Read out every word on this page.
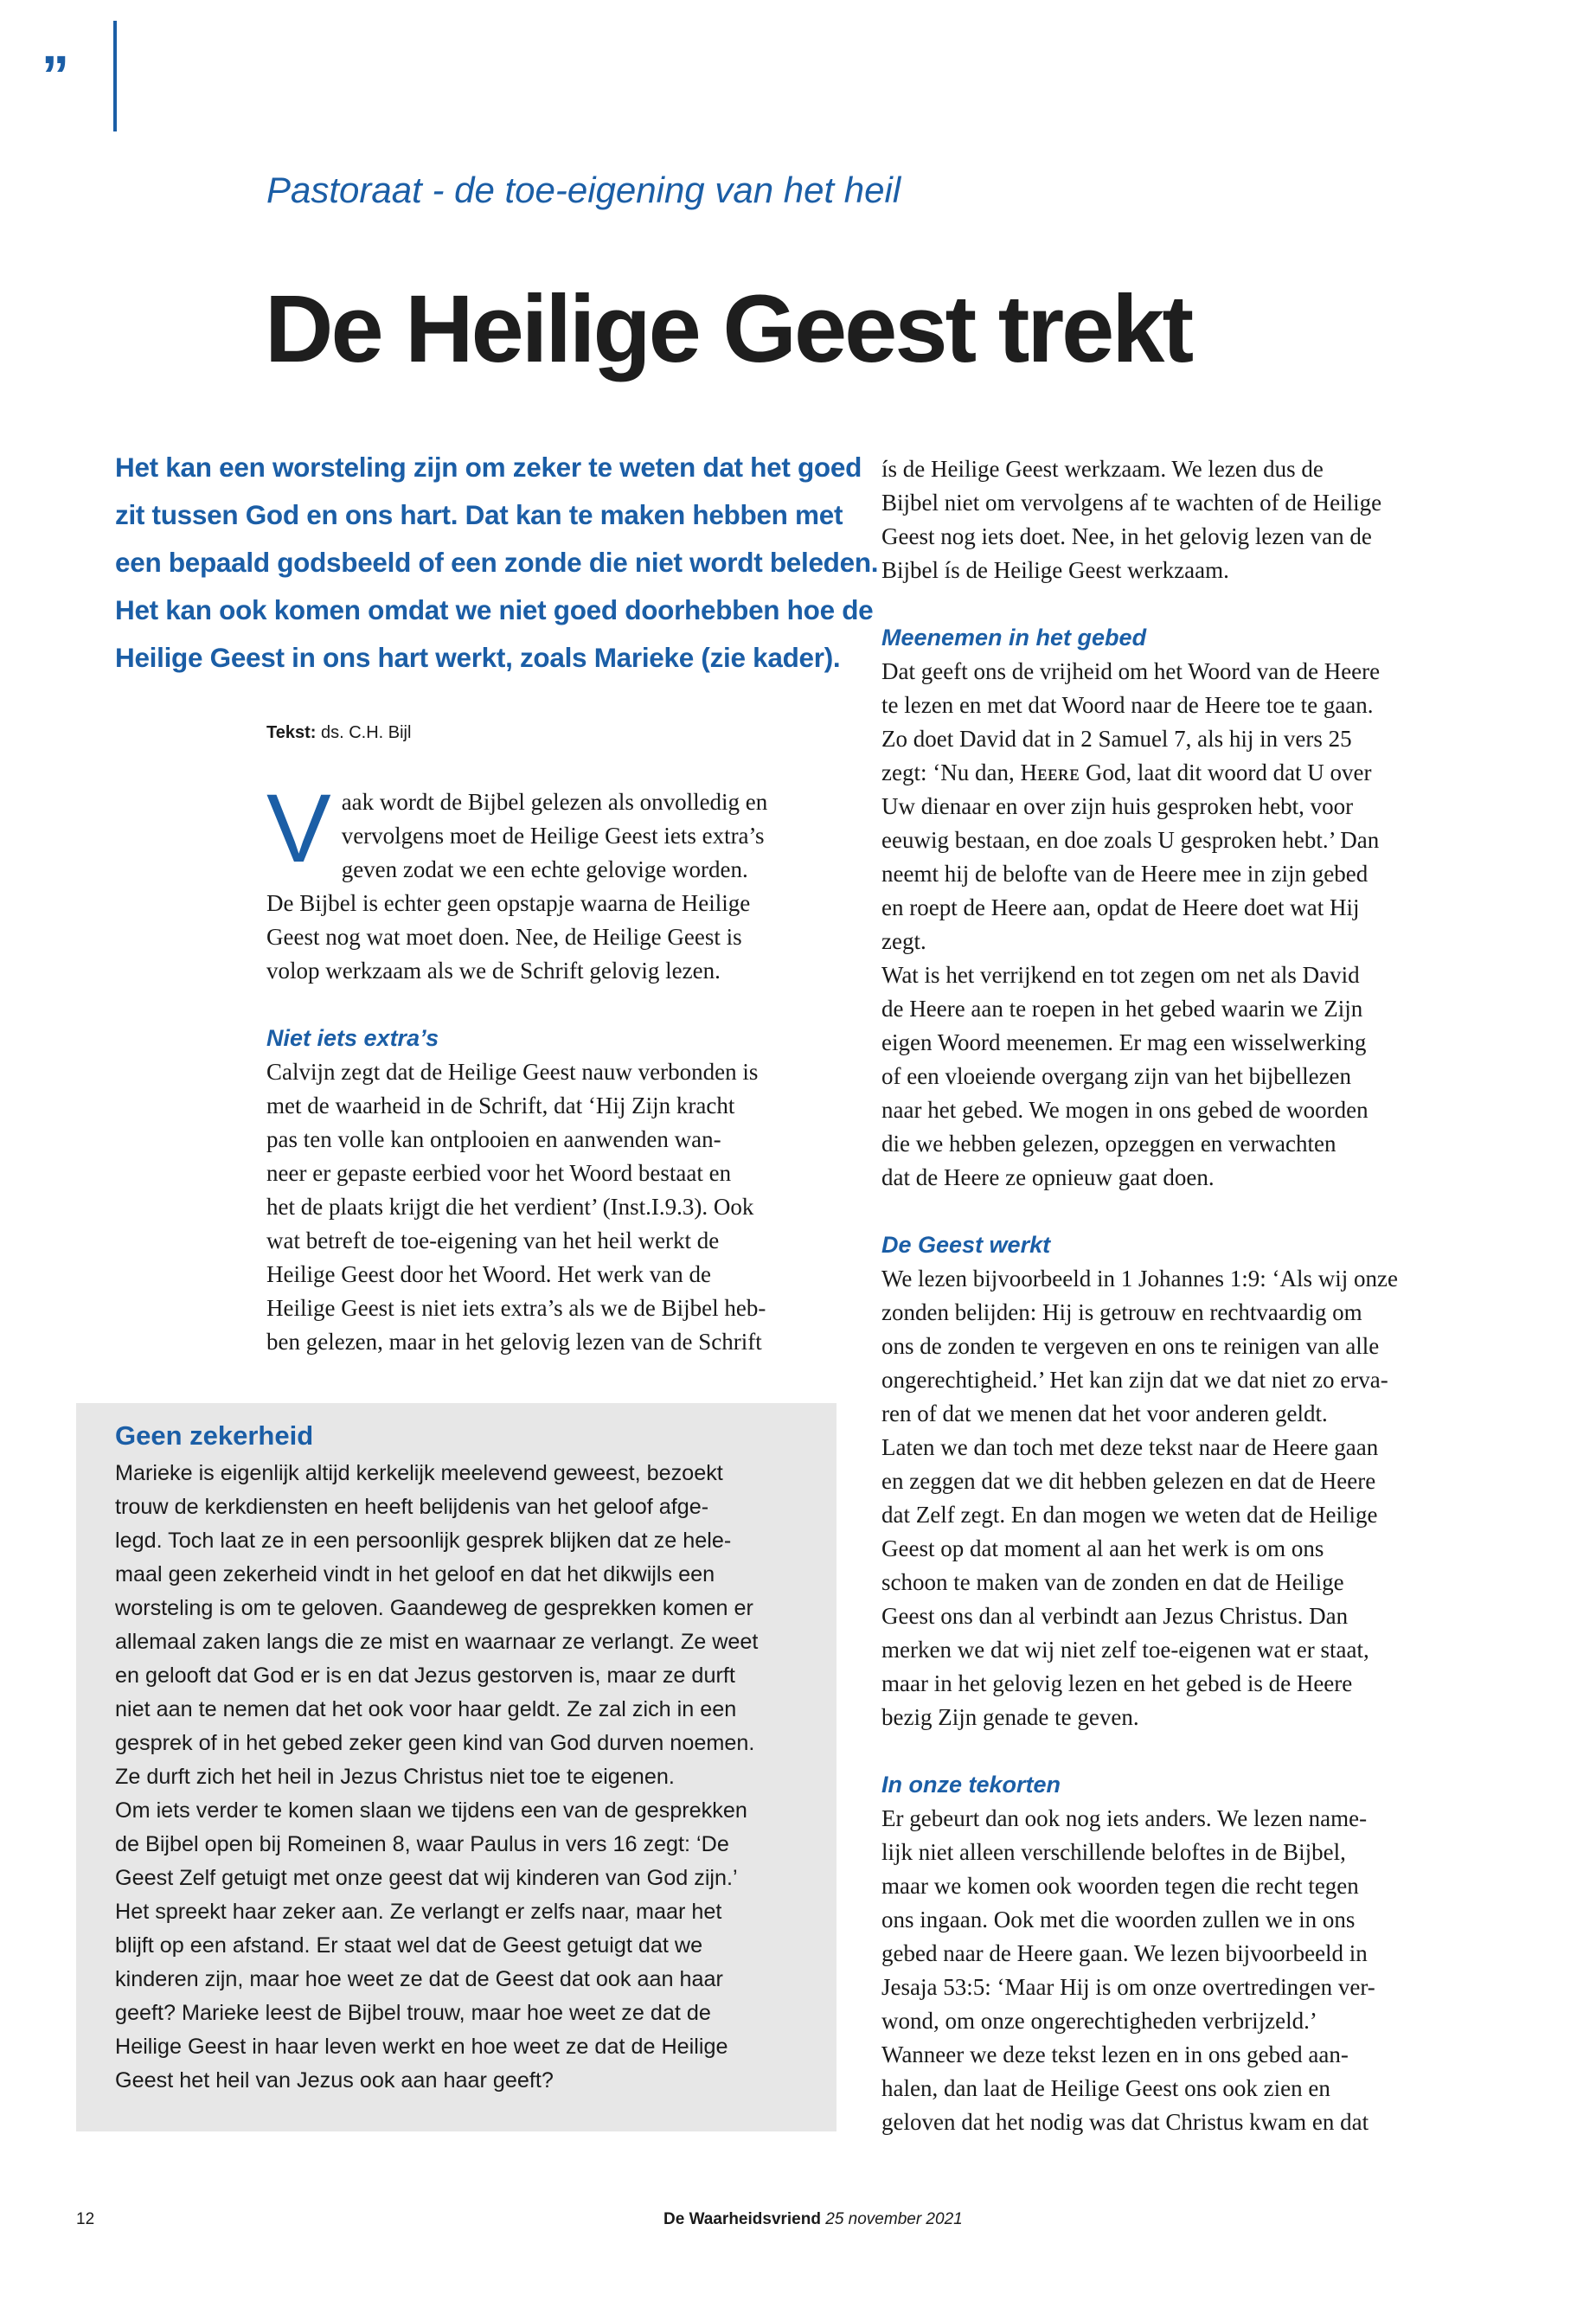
”
Pastoraat - de toe-eigening van het heil
De Heilige Geest trekt
Het kan een worsteling zijn om zeker te weten dat het goed
zit tussen God en ons hart. Dat kan te maken hebben met
een bepaald godsbeeld of een zonde die niet wordt beleden.
Het kan ook komen omdat we niet goed doorhebben hoe de
Heilige Geest in ons hart werkt, zoals Marieke (zie kader).
Tekst: ds. C.H. Bijl
V aak wordt de Bijbel gelezen als onvolledig en
vervolgens moet de Heilige Geest iets extra’s
geven zodat we een echte gelovige worden.
De Bijbel is echter geen opstapje waarna de Heilige
Geest nog wat moet doen. Nee, de Heilige Geest is
volop werkzaam als we de Schrift gelovig lezen.
Niet iets extra’s
Calvijn zegt dat de Heilige Geest nauw verbonden is
met de waarheid in de Schrift, dat ‘Hij Zijn kracht
pas ten volle kan ontplooien en aanwenden wan-
neer er gepaste eerbied voor het Woord bestaat en
het de plaats krijgt die het verdient’ (Inst.I.9.3). Ook
wat betreft de toe-eigening van het heil werkt de
Heilige Geest door het Woord. Het werk van de
Heilige Geest is niet iets extra’s als we de Bijbel heb-
ben gelezen, maar in het gelovig lezen van de Schrift
ís de Heilige Geest werkzaam. We lezen dus de
Bijbel niet om vervolgens af te wachten of de Heilige
Geest nog iets doet. Nee, in het gelovig lezen van de
Bijbel ís de Heilige Geest werkzaam.
Meenemen in het gebed
Dat geeft ons de vrijheid om het Woord van de Heere
te lezen en met dat Woord naar de Heere toe te gaan.
Zo doet David dat in 2 Samuel 7, als hij in vers 25
zegt: ‘Nu dan, Hᴇᴇʀᴇ God, laat dit woord dat U over
Uw dienaar en over zijn huis gesproken hebt, voor
eeuwig bestaan, en doe zoals U gesproken hebt.’ Dan
neemt hij de belofte van de Heere mee in zijn gebed
en roept de Heere aan, opdat de Heere doet wat Hij
zegt.
Wat is het verrijkend en tot zegen om net als David
de Heere aan te roepen in het gebed waarin we Zijn
eigen Woord meenemen. Er mag een wisselwerking
of een vloeiende overgang zijn van het bijbellezen
naar het gebed. We mogen in ons gebed de woorden
die we hebben gelezen, opzeggen en verwachten
dat de Heere ze opnieuw gaat doen.
De Geest werkt
We lezen bijvoorbeeld in 1 Johannes 1:9: ‘Als wij onze
zonden belijden: Hij is getrouw en rechtvaardig om
ons de zonden te vergeven en ons te reinigen van alle
ongerechtigheid.’ Het kan zijn dat we dat niet zo erva-
ren of dat we menen dat het voor anderen geldt.
Laten we dan toch met deze tekst naar de Heere gaan
en zeggen dat we dit hebben gelezen en dat de Heere
dat Zelf zegt. En dan mogen we weten dat de Heilige
Geest op dat moment al aan het werk is om ons
schoon te maken van de zonden en dat de Heilige
Geest ons dan al verbindt aan Jezus Christus. Dan
merken we dat wij niet zelf toe-eigenen wat er staat,
maar in het gelovig lezen en het gebed is de Heere
bezig Zijn genade te geven.
In onze tekorten
Er gebeurt dan ook nog iets anders. We lezen name-
lijk niet alleen verschillende beloftes in de Bijbel,
maar we komen ook woorden tegen die recht tegen
ons ingaan. Ook met die woorden zullen we in ons
gebed naar de Heere gaan. We lezen bijvoorbeeld in
Jesaja 53:5: ‘Maar Hij is om onze overtredingen ver-
wond, om onze ongerechtigheden verbrijzeld.’
Wanneer we deze tekst lezen en in ons gebed aan-
halen, dan laat de Heilige Geest ons ook zien en
geloven dat het nodig was dat Christus kwam en dat
Geen zekerheid
Marieke is eigenlijk altijd kerkelijk meelevend geweest, bezoekt
trouw de kerkdiensten en heeft belijdenis van het geloof afge-
legd. Toch laat ze in een persoonlijk gesprek blijken dat ze hele-
maal geen zekerheid vindt in het geloof en dat het dikwijls een
worsteling is om te geloven. Gaandeweg de gesprekken komen er
allemaal zaken langs die ze mist en waarnaar ze verlangt. Ze weet
en gelooft dat God er is en dat Jezus gestorven is, maar ze durft
niet aan te nemen dat het ook voor haar geldt. Ze zal zich in een
gesprek of in het gebed zeker geen kind van God durven noemen.
Ze durft zich het heil in Jezus Christus niet toe te eigenen.
Om iets verder te komen slaan we tijdens een van de gesprekken
de Bijbel open bij Romeinen 8, waar Paulus in vers 16 zegt: ‘De
Geest Zelf getuigt met onze geest dat wij kinderen van God zijn.’
Het spreekt haar zeker aan. Ze verlangt er zelfs naar, maar het
blijft op een afstand. Er staat wel dat de Geest getuigt dat we
kinderen zijn, maar hoe weet ze dat de Geest dat ook aan haar
geeft? Marieke leest de Bijbel trouw, maar hoe weet ze dat de
Heilige Geest in haar leven werkt en hoe weet ze dat de Heilige
Geest het heil van Jezus ook aan haar geeft?
12	De Waarheidsvriend 25 november 2021
